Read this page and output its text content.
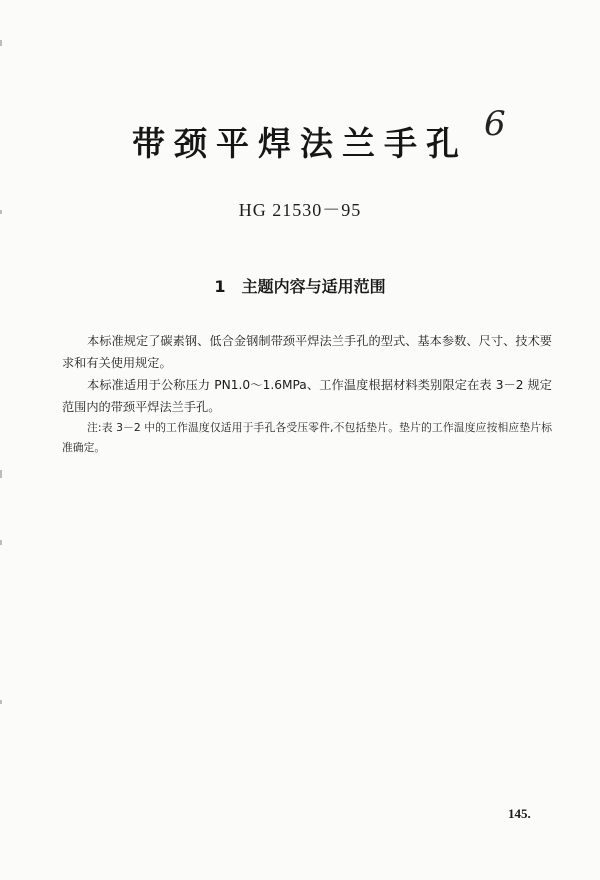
带颈平焊法兰手孔 6
HG 21530－95
1 主题内容与适用范围

本标准规定了碳素钢、低合金钢制带颈平焊法兰手孔的型式、基本参数、尺寸、技术要求和有关使用规定。

本标准适用于公称压力 PN1.0～1.6MPa、工作温度根据材料类别限定在表 3－2 规定范围内的带颈平焊法兰手孔。

注:表 3－2 中的工作温度仅适用于手孔各受压零件,不包括垫片。垫片的工作温度应按相应垫片标准确定。

145.
